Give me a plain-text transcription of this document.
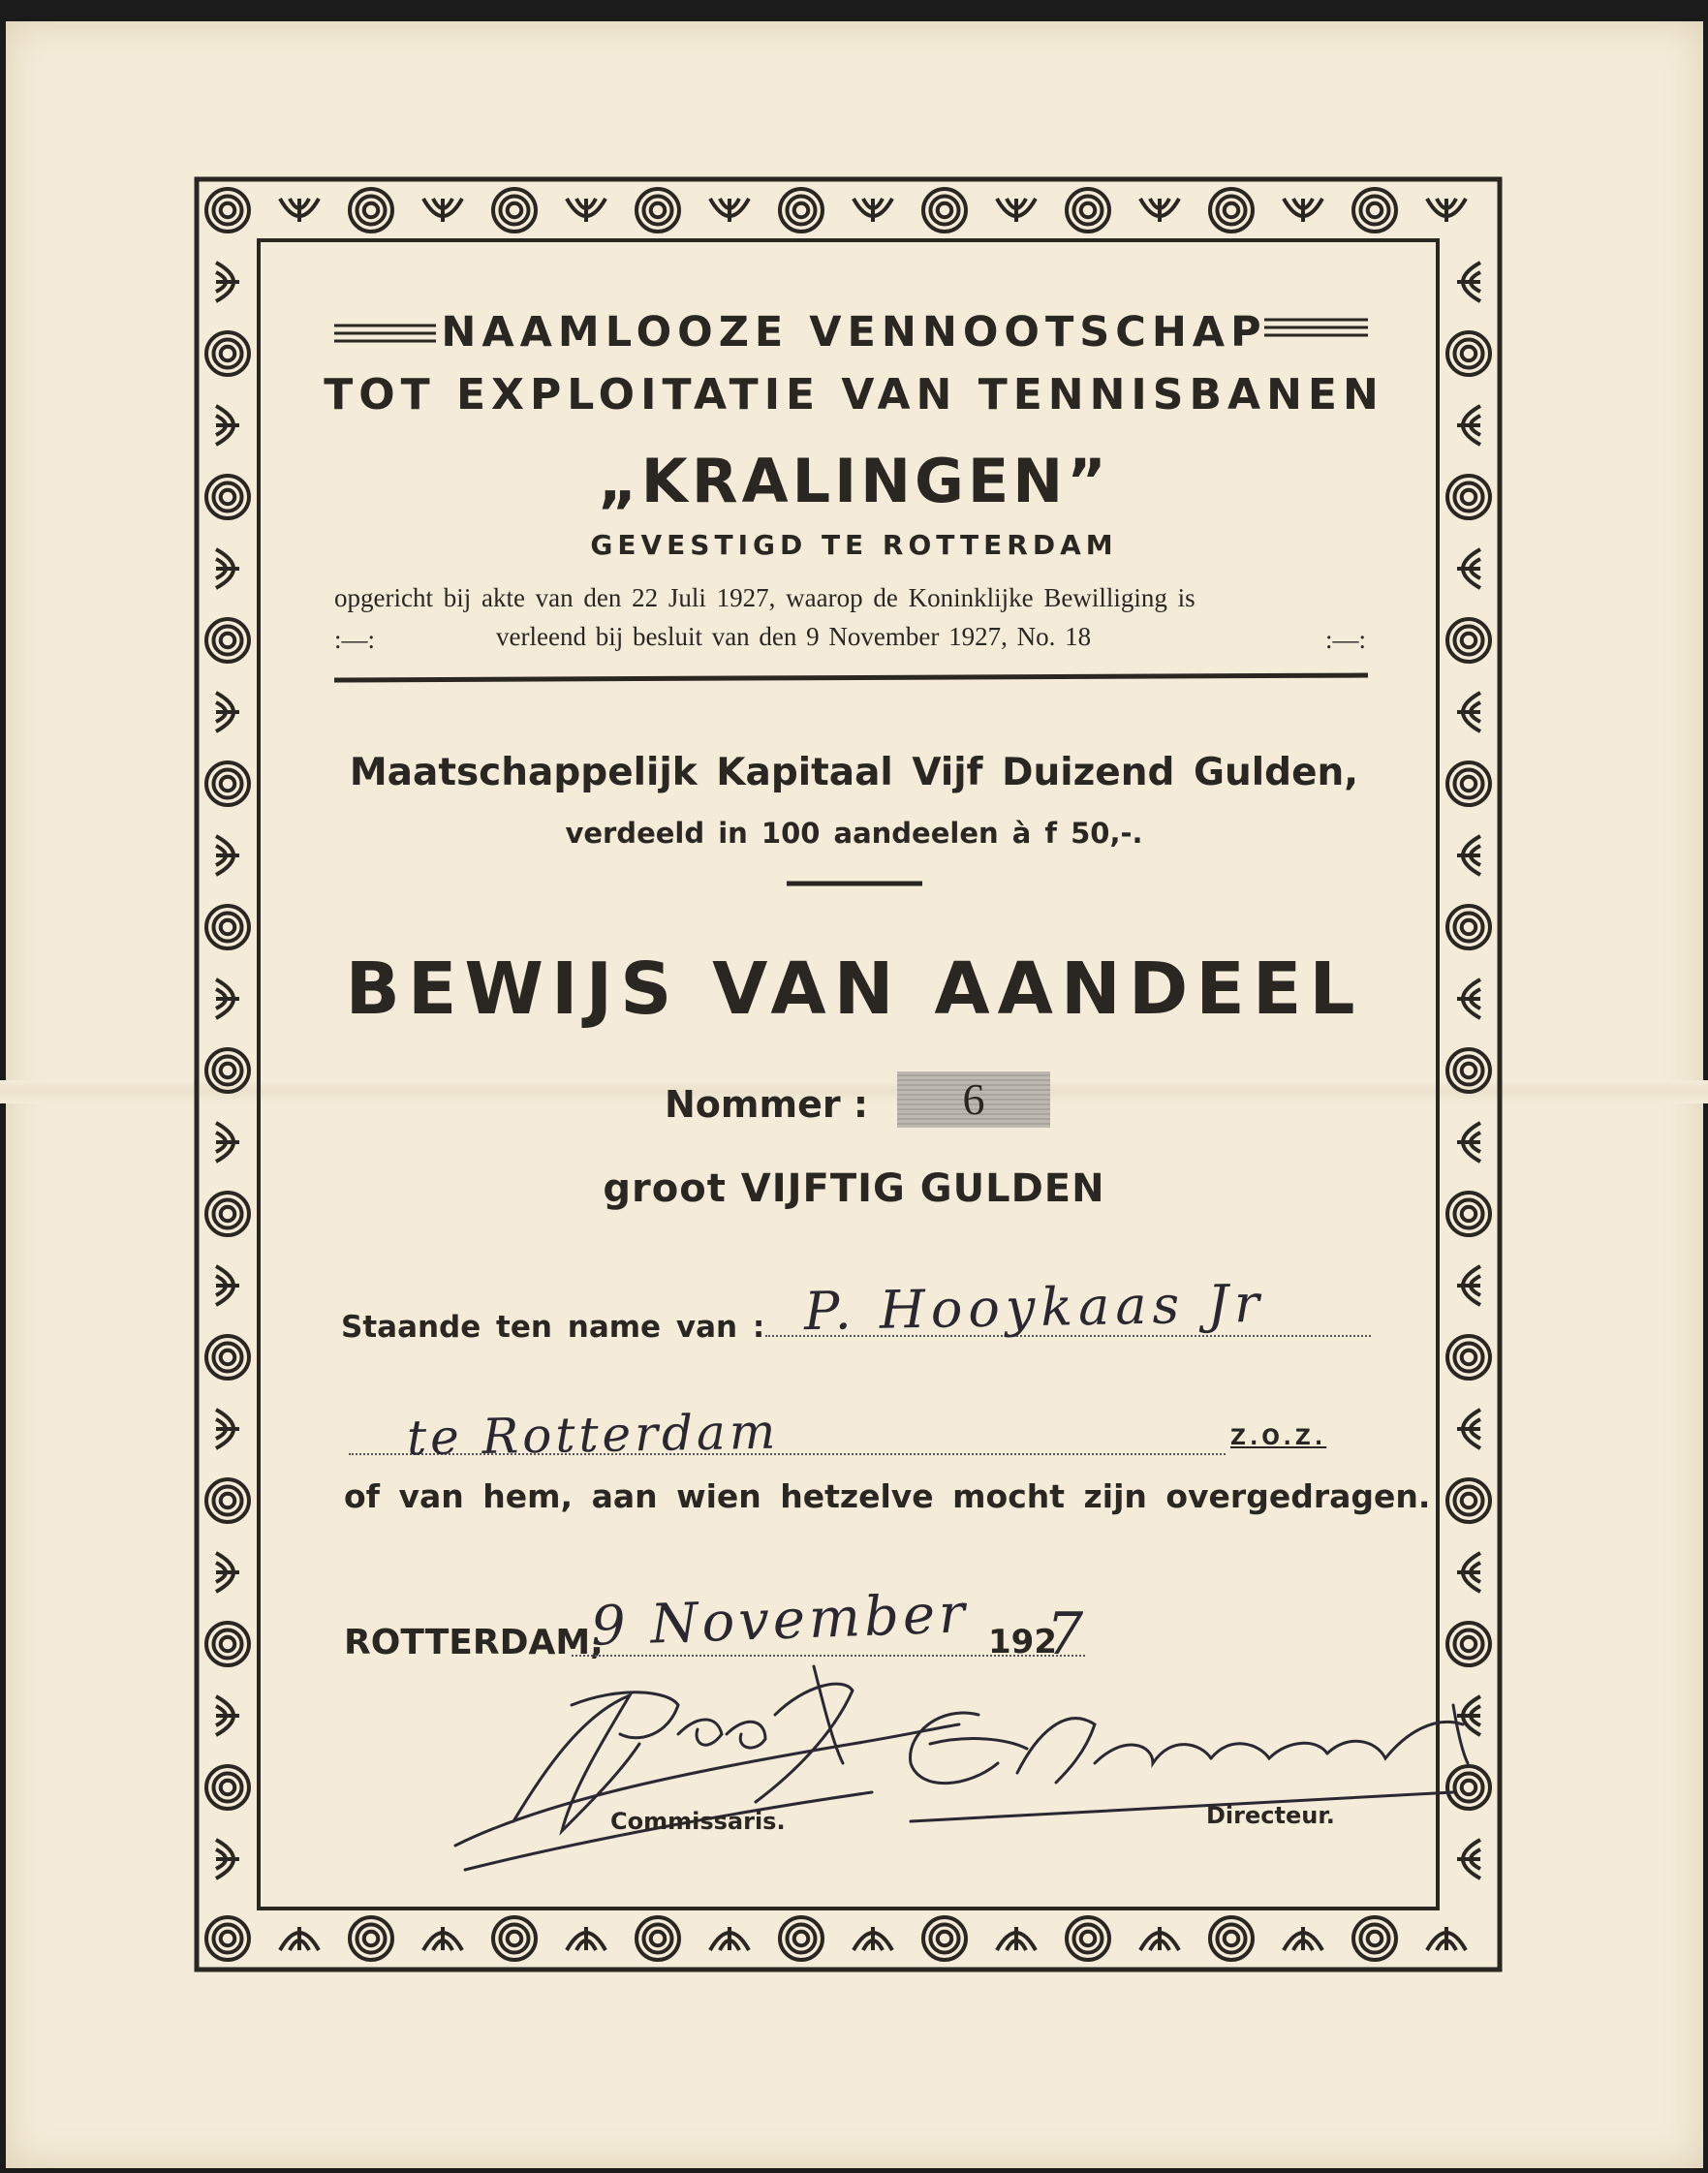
NAAMLOOZE VENNOOTSCHAP
TOT EXPLOITATIE VAN TENNISBANEN
„KRALINGEN”
GEVESTIGD TE ROTTERDAM
opgericht bij akte van den 22 Juli 1927, waarop de Koninklijke Bewilliging is
:—:	verleend bij besluit van den 9 November 1927, No. 18	:—:
Maatschappelijk Kapitaal Vijf Duizend Gulden,
verdeeld in 100 aandeelen à f 50,-.
BEWIJS VAN AANDEEL
Nommer :	6
groot VIJFTIG GULDEN
Staande ten name van : P. Hooykaas Jr
te Rotterdam	Z.O.Z.
of van hem, aan wien hetzelve mocht zijn overgedragen.
ROTTERDAM,
9 November 192
7
Commissaris.	Directeur.
